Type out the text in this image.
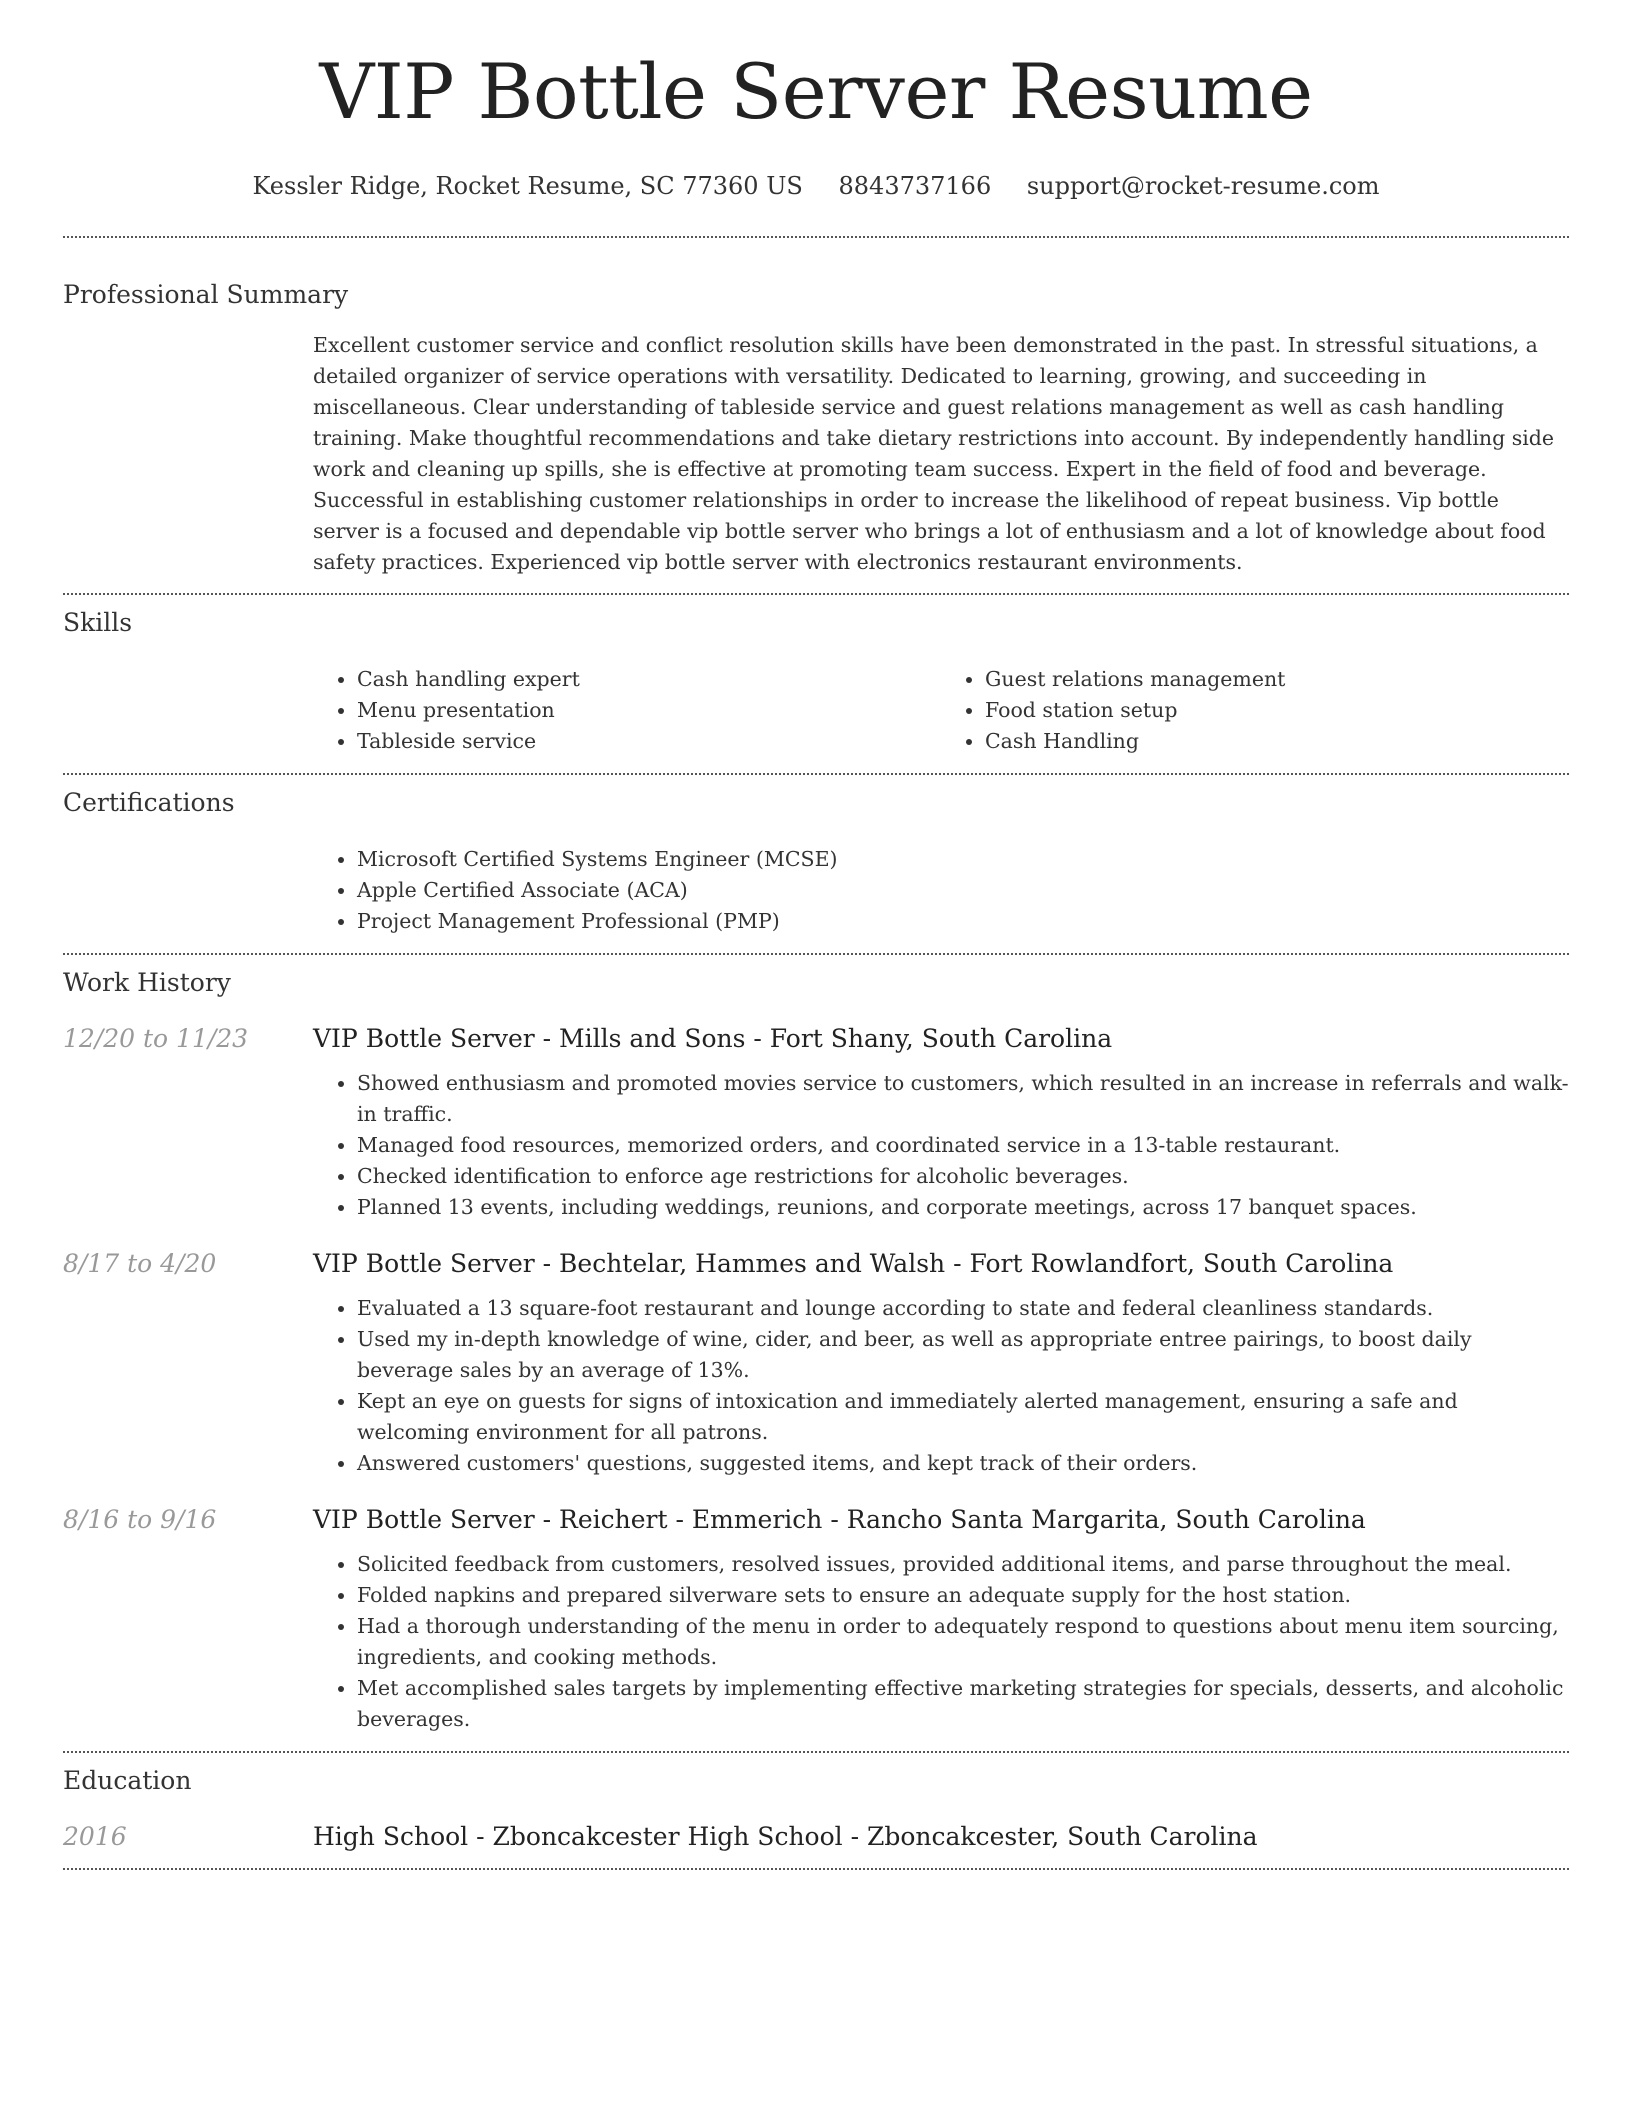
VIP Bottle Server Resume
Kessler Ridge, Rocket Resume, SC 77360 US 8843737166 support@rocket-resume.com
Professional Summary

Excellent customer service and conflict resolution skills have been demonstrated in the past. In stressful situations, a detailed organizer of service operations with versatility. Dedicated to learning, growing, and succeeding in miscellaneous. Clear understanding of tableside service and guest relations management as well as cash handling training. Make thoughtful recommendations and take dietary restrictions into account. By independently handling side work and cleaning up spills, she is effective at promoting team success. Expert in the field of food and beverage. Successful in establishing customer relationships in order to increase the likelihood of repeat business. Vip bottle server is a focused and dependable vip bottle server who brings a lot of enthusiasm and a lot of knowledge about food safety practices. Experienced vip bottle server with electronics restaurant environments.

Skills
• Cash handling expert
• Menu presentation
• Tableside service
• Guest relations management
• Food station setup
• Cash Handling
Certifications
• Microsoft Certified Systems Engineer (MCSE)
• Apple Certified Associate (ACA)
• Project Management Professional (PMP)
Work History
12/20 to 11/23	VIP Bottle Server - Mills and Sons - Fort Shany, South Carolina
• Showed enthusiasm and promoted movies service to customers, which resulted in an increase in referrals and walk-in traffic.
• Managed food resources, memorized orders, and coordinated service in a 13-table restaurant.
• Checked identification to enforce age restrictions for alcoholic beverages.
• Planned 13 events, including weddings, reunions, and corporate meetings, across 17 banquet spaces.
8/17 to 4/20	VIP Bottle Server - Bechtelar, Hammes and Walsh - Fort Rowlandfort, South Carolina
• Evaluated a 13 square-foot restaurant and lounge according to state and federal cleanliness standards.
• Used my in-depth knowledge of wine, cider, and beer, as well as appropriate entree pairings, to boost daily beverage sales by an average of 13%.
• Kept an eye on guests for signs of intoxication and immediately alerted management, ensuring a safe and welcoming environment for all patrons.
• Answered customers' questions, suggested items, and kept track of their orders.
8/16 to 9/16	VIP Bottle Server - Reichert - Emmerich - Rancho Santa Margarita, South Carolina
• Solicited feedback from customers, resolved issues, provided additional items, and parse throughout the meal.
• Folded napkins and prepared silverware sets to ensure an adequate supply for the host station.
• Had a thorough understanding of the menu in order to adequately respond to questions about menu item sourcing, ingredients, and cooking methods.
• Met accomplished sales targets by implementing effective marketing strategies for specials, desserts, and alcoholic beverages.
Education
2016	High School - Zboncakcester High School - Zboncakcester, South Carolina
